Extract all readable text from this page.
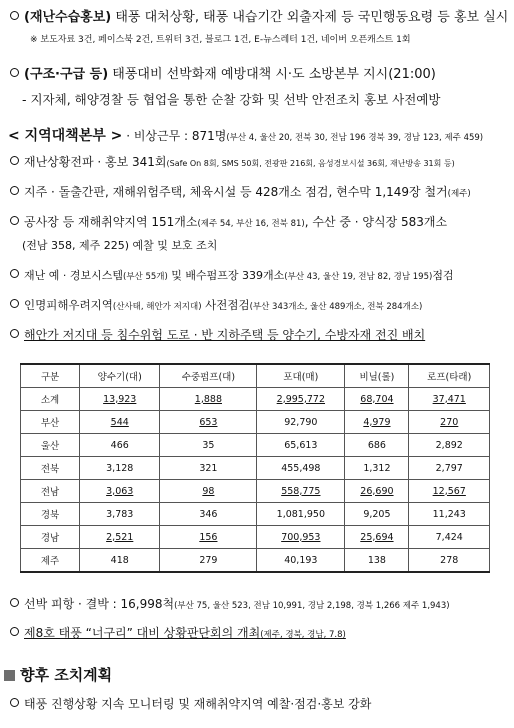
(재난수습홍보) 태풍 대처상황, 태풍 내습기간 외출자제 등 국민행동요령 등 홍보 실시
※ 보도자료 3건, 페이스북 2건, 트위터 3건, 블로그 1건, E-뉴스레터 1건, 네이버 오픈캐스트 1회
(구조·구급 등) 태풍대비 선박화재 예방대책 시·도 소방본부 지시(21:00)
- 지자체, 해양경찰 등 협업을 통한 순찰 강화 및 선박 안전조치 홍보 사전예방
< 지역대책본부 > · 비상근무 : 871명(부산 4, 울산 20, 전북 30, 전남 196 경북 39, 경남 123, 제주 459)
재난상황전파 · 홍보 341회(Safe On 8회, SMS 50회, 전광판 216회, 음성경보시설 36회, 재난방송 31회 등)
지주 · 돌출간판, 재해위험주택, 체육시설 등 428개소 점검, 현수막 1,149장 철거(제주)
공사장 등 재해취약지역 151개소(제주 54, 부산 16, 전북 81), 수산 중 · 양식장 583개소
(전남 358, 제주 225) 예찰 및 보호 조치
재난 예 · 경보시스템(부산 55개) 및 배수펌프장 339개소(부산 43, 울산 19, 전남 82, 경남 195)점검
인명피해우려지역(산사태, 해안가 저지대) 사전점검(부산 343개소, 울산 489개소, 전북 284개소)
해안가 저지대 등 침수위험 도로 · 반 지하주택 등 양수기, 수방자재 전진 배치
구분	양수기(대)	수중펌프(대)	포대(매)	비닐(롤)	로프(타래)
소계	13,923	1,888	2,995,772	68,704	37,471
부산	544	653	92,790	4,979	270
울산	466	35	65,613	686	2,892
전북	3,128	321	455,498	1,312	2,797
전남	3,063	98	558,775	26,690	12,567
경북	3,783	346	1,081,950	9,205	11,243
경남	2,521	156	700,953	25,694	7,424
제주	418	279	40,193	138	278
선박 피항 · 결박 : 16,998척(부산 75, 울산 523, 전남 10,991, 경남 2,198, 경북 1,266 제주 1,943)
제8호 태풍 “너구리” 대비 상황판단회의 개최(제주, 경북, 경남, 7.8)
향후 조치계획
태풍 진행상황 지속 모니터링 및 재해취약지역 예찰·점검·홍보 강화
